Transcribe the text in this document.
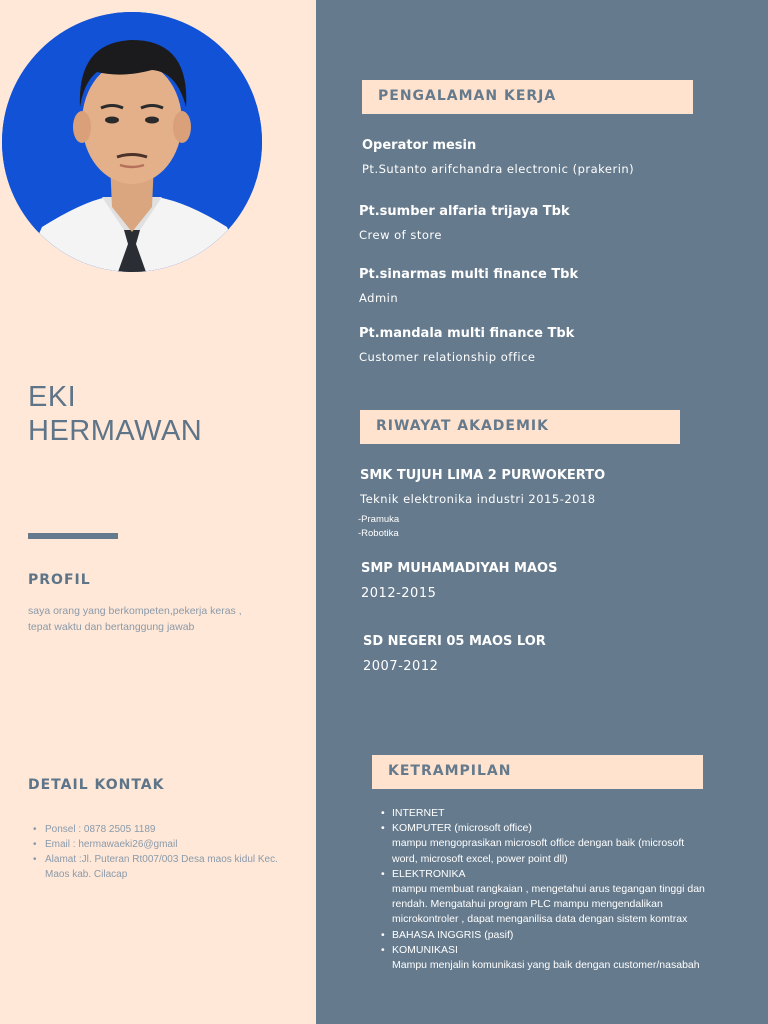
EKI
HERMAWAN
PROFIL
saya orang yang berkompeten,pekerja keras , tepat waktu dan bertanggung jawab
DETAIL KONTAK
• Ponsel : 0878 2505 1189
• Email : hermawaeki26@gmail
• Alamat :Jl. Puteran Rt007/003 Desa maos kidul Kec. Maos kab. Cilacap
PENGALAMAN KERJA
Operator mesin
Pt.Sutanto arifchandra electronic (prakerin)
Pt.sumber alfaria trijaya Tbk
Crew of store
Pt.sinarmas multi finance Tbk
Admin
Pt.mandala multi finance Tbk
Customer relationship office
RIWAYAT AKADEMIK
SMK TUJUH LIMA 2 PURWOKERTO
Teknik elektronika industri 2015-2018
-Pramuka
-Robotika
SMP MUHAMADIYAH MAOS
2012-2015
SD NEGERI 05 MAOS LOR
2007-2012
KETRAMPILAN
• INTERNET
• KOMPUTER (microsoft office)
mampu mengoprasikan microsoft office dengan baik (microsoft word, microsoft excel, power point dll)
• ELEKTRONIKA
mampu membuat rangkaian , mengetahui arus tegangan tinggi dan rendah. Mengatahui program PLC mampu mengendalikan microkontroler , dapat menganilisa data dengan sistem komtrax
• BAHASA INGGRIS (pasif)
• KOMUNIKASI
Mampu menjalin komunikasi yang baik dengan customer/nasabah
